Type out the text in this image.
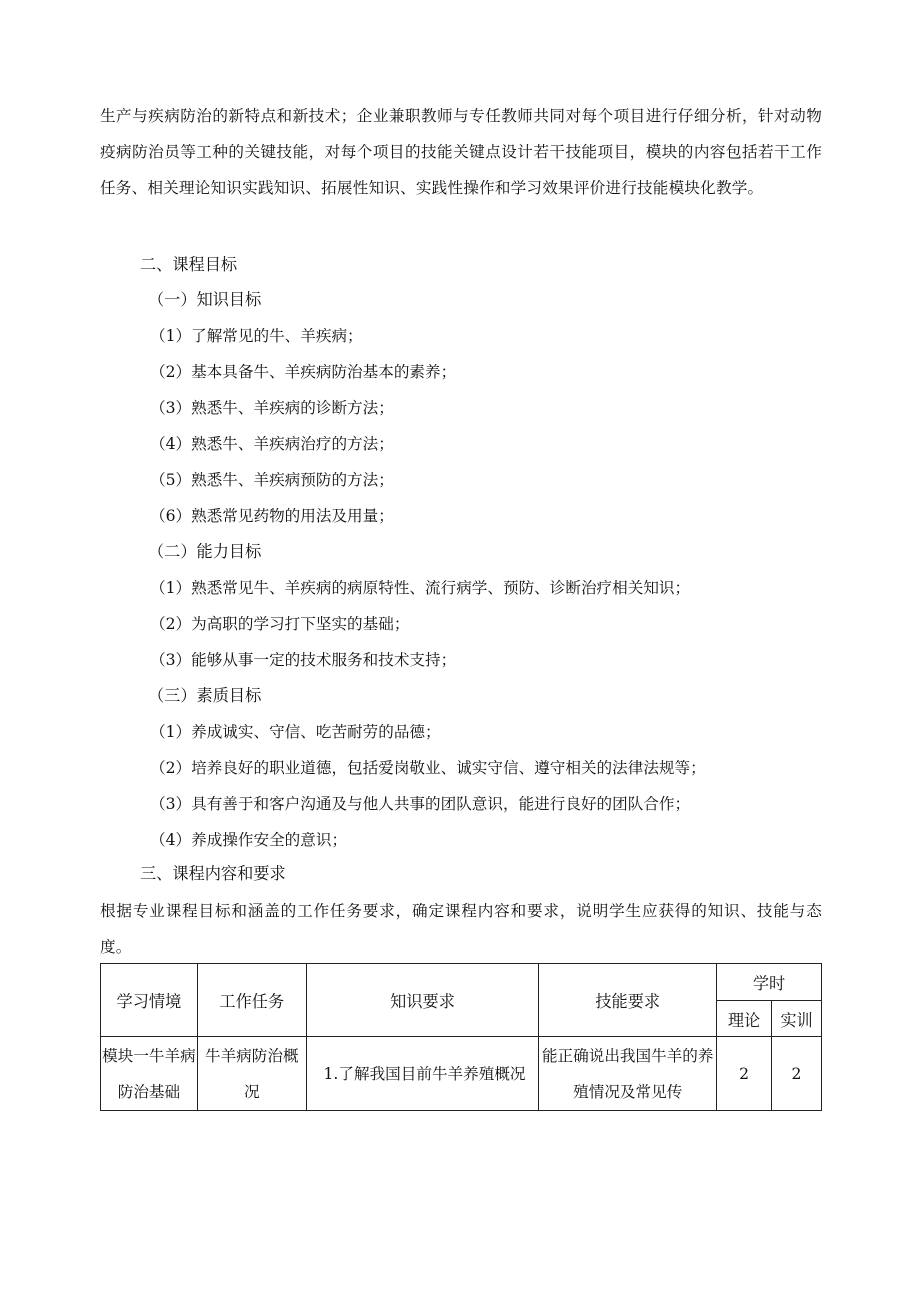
生产与疾病防治的新特点和新技术；企业兼职教师与专任教师共同对每个项目进行仔细分析，针对动物疫病防治员等工种的关键技能，对每个项目的技能关键点设计若干技能项目，模块的内容包括若干工作任务、相关理论知识实践知识、拓展性知识、实践性操作和学习效果评价进行技能模块化教学。
二、课程目标
（一）知识目标
（1）了解常见的牛、羊疾病；
（2）基本具备牛、羊疾病防治基本的素养；
（3）熟悉牛、羊疾病的诊断方法；
（4）熟悉牛、羊疾病治疗的方法；
（5）熟悉牛、羊疾病预防的方法；
（6）熟悉常见药物的用法及用量；
（二）能力目标
（1）熟悉常见牛、羊疾病的病原特性、流行病学、预防、诊断治疗相关知识；
（2）为高职的学习打下坚实的基础；
（3）能够从事一定的技术服务和技术支持；
（三）素质目标
（1）养成诚实、守信、吃苦耐劳的品德；
（2）培养良好的职业道德，包括爱岗敬业、诚实守信、遵守相关的法律法规等；
（3）具有善于和客户沟通及与他人共事的团队意识，能进行良好的团队合作；
（4）养成操作安全的意识；
三、课程内容和要求
根据专业课程目标和涵盖的工作任务要求，确定课程内容和要求，说明学生应获得的知识、技能与态度。
学习情境	工作任务	知识要求	技能要求	学时	
				理论	实训
模块一牛羊病防治基础	牛羊病防治概况	1.了解我国目前牛羊养殖概况	能正确说出我国牛羊的养殖情况及常见传	2	2
